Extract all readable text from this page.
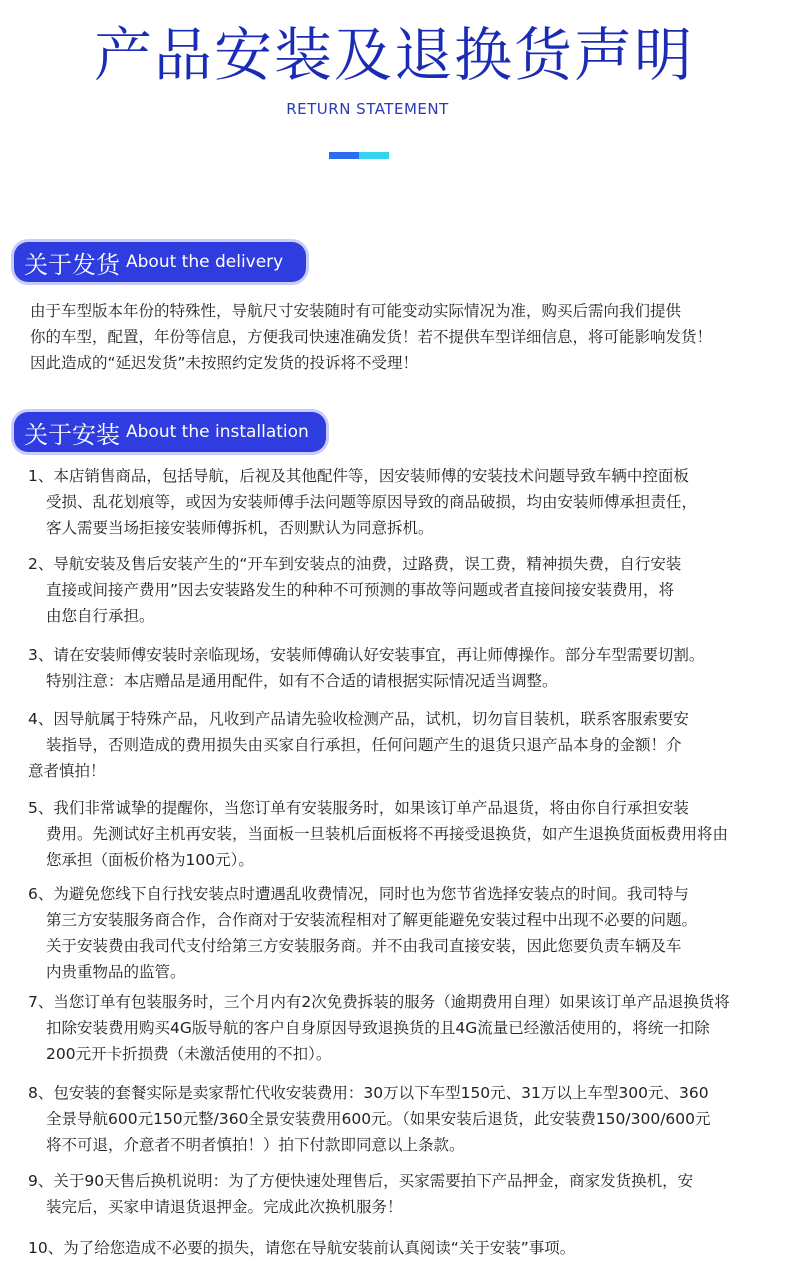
产品安装及退换货声明
RETURN STATEMENT
关于发货 About the delivery
由于车型版本年份的特殊性，导航尺寸安装随时有可能变动实际情况为准，购买后需向我们提供
你的车型，配置，年份等信息，方便我司快速准确发货！若不提供车型详细信息，将可能影响发货！
因此造成的“延迟发货”未按照约定发货的投诉将不受理！
关于安装 About the installation
1、本店销售商品，包括导航，后视及其他配件等，因安装师傅的安装技术问题导致车辆中控面板
受损、乱花划痕等，或因为安装师傅手法问题等原因导致的商品破损，均由安装师傅承担责任，
客人需要当场拒接安装师傅拆机，否则默认为同意拆机。
2、导航安装及售后安装产生的“开车到安装点的油费，过路费，误工费，精神损失费，自行安装
直接或间接产费用”因去安装路发生的种种不可预测的事故等问题或者直接间接安装费用，将
由您自行承担。
3、请在安装师傅安装时亲临现场，安装师傅确认好安装事宜，再让师傅操作。部分车型需要切割。
特别注意：本店赠品是通用配件，如有不合适的请根据实际情况适当调整。
4、因导航属于特殊产品，凡收到产品请先验收检测产品，试机，切勿盲目装机，联系客服索要安
装指导，否则造成的费用损失由买家自行承担，任何问题产生的退货只退产品本身的金额！介
意者慎拍！
5、我们非常诚挚的提醒你，当您订单有安装服务时，如果该订单产品退货，将由你自行承担安装
费用。先测试好主机再安装，当面板一旦装机后面板将不再接受退换货，如产生退换货面板费用将由
您承担（面板价格为100元）。
6、为避免您线下自行找安装点时遭遇乱收费情况，同时也为您节省选择安装点的时间。我司特与
第三方安装服务商合作，合作商对于安装流程相对了解更能避免安装过程中出现不必要的问题。
关于安装费由我司代支付给第三方安装服务商。并不由我司直接安装，因此您要负责车辆及车
内贵重物品的监管。
7、当您订单有包装服务时，三个月内有2次免费拆装的服务（逾期费用自理）如果该订单产品退换货将
扣除安装费用购买4G版导航的客户自身原因导致退换货的且4G流量已经激活使用的，将统一扣除
200元开卡折损费（未激活使用的不扣）。
8、包安装的套餐实际是卖家帮忙代收安装费用：30万以下车型150元、31万以上车型300元、360
全景导航600元150元整/360全景安装费用600元。（如果安装后退货，此安装费150/300/600元
将不可退，介意者不明者慎拍！）拍下付款即同意以上条款。
9、关于90天售后换机说明：为了方便快速处理售后，买家需要拍下产品押金，商家发货换机，安
装完后，买家申请退货退押金。完成此次换机服务！
10、为了给您造成不必要的损失，请您在导航安装前认真阅读“关于安装”事项。
